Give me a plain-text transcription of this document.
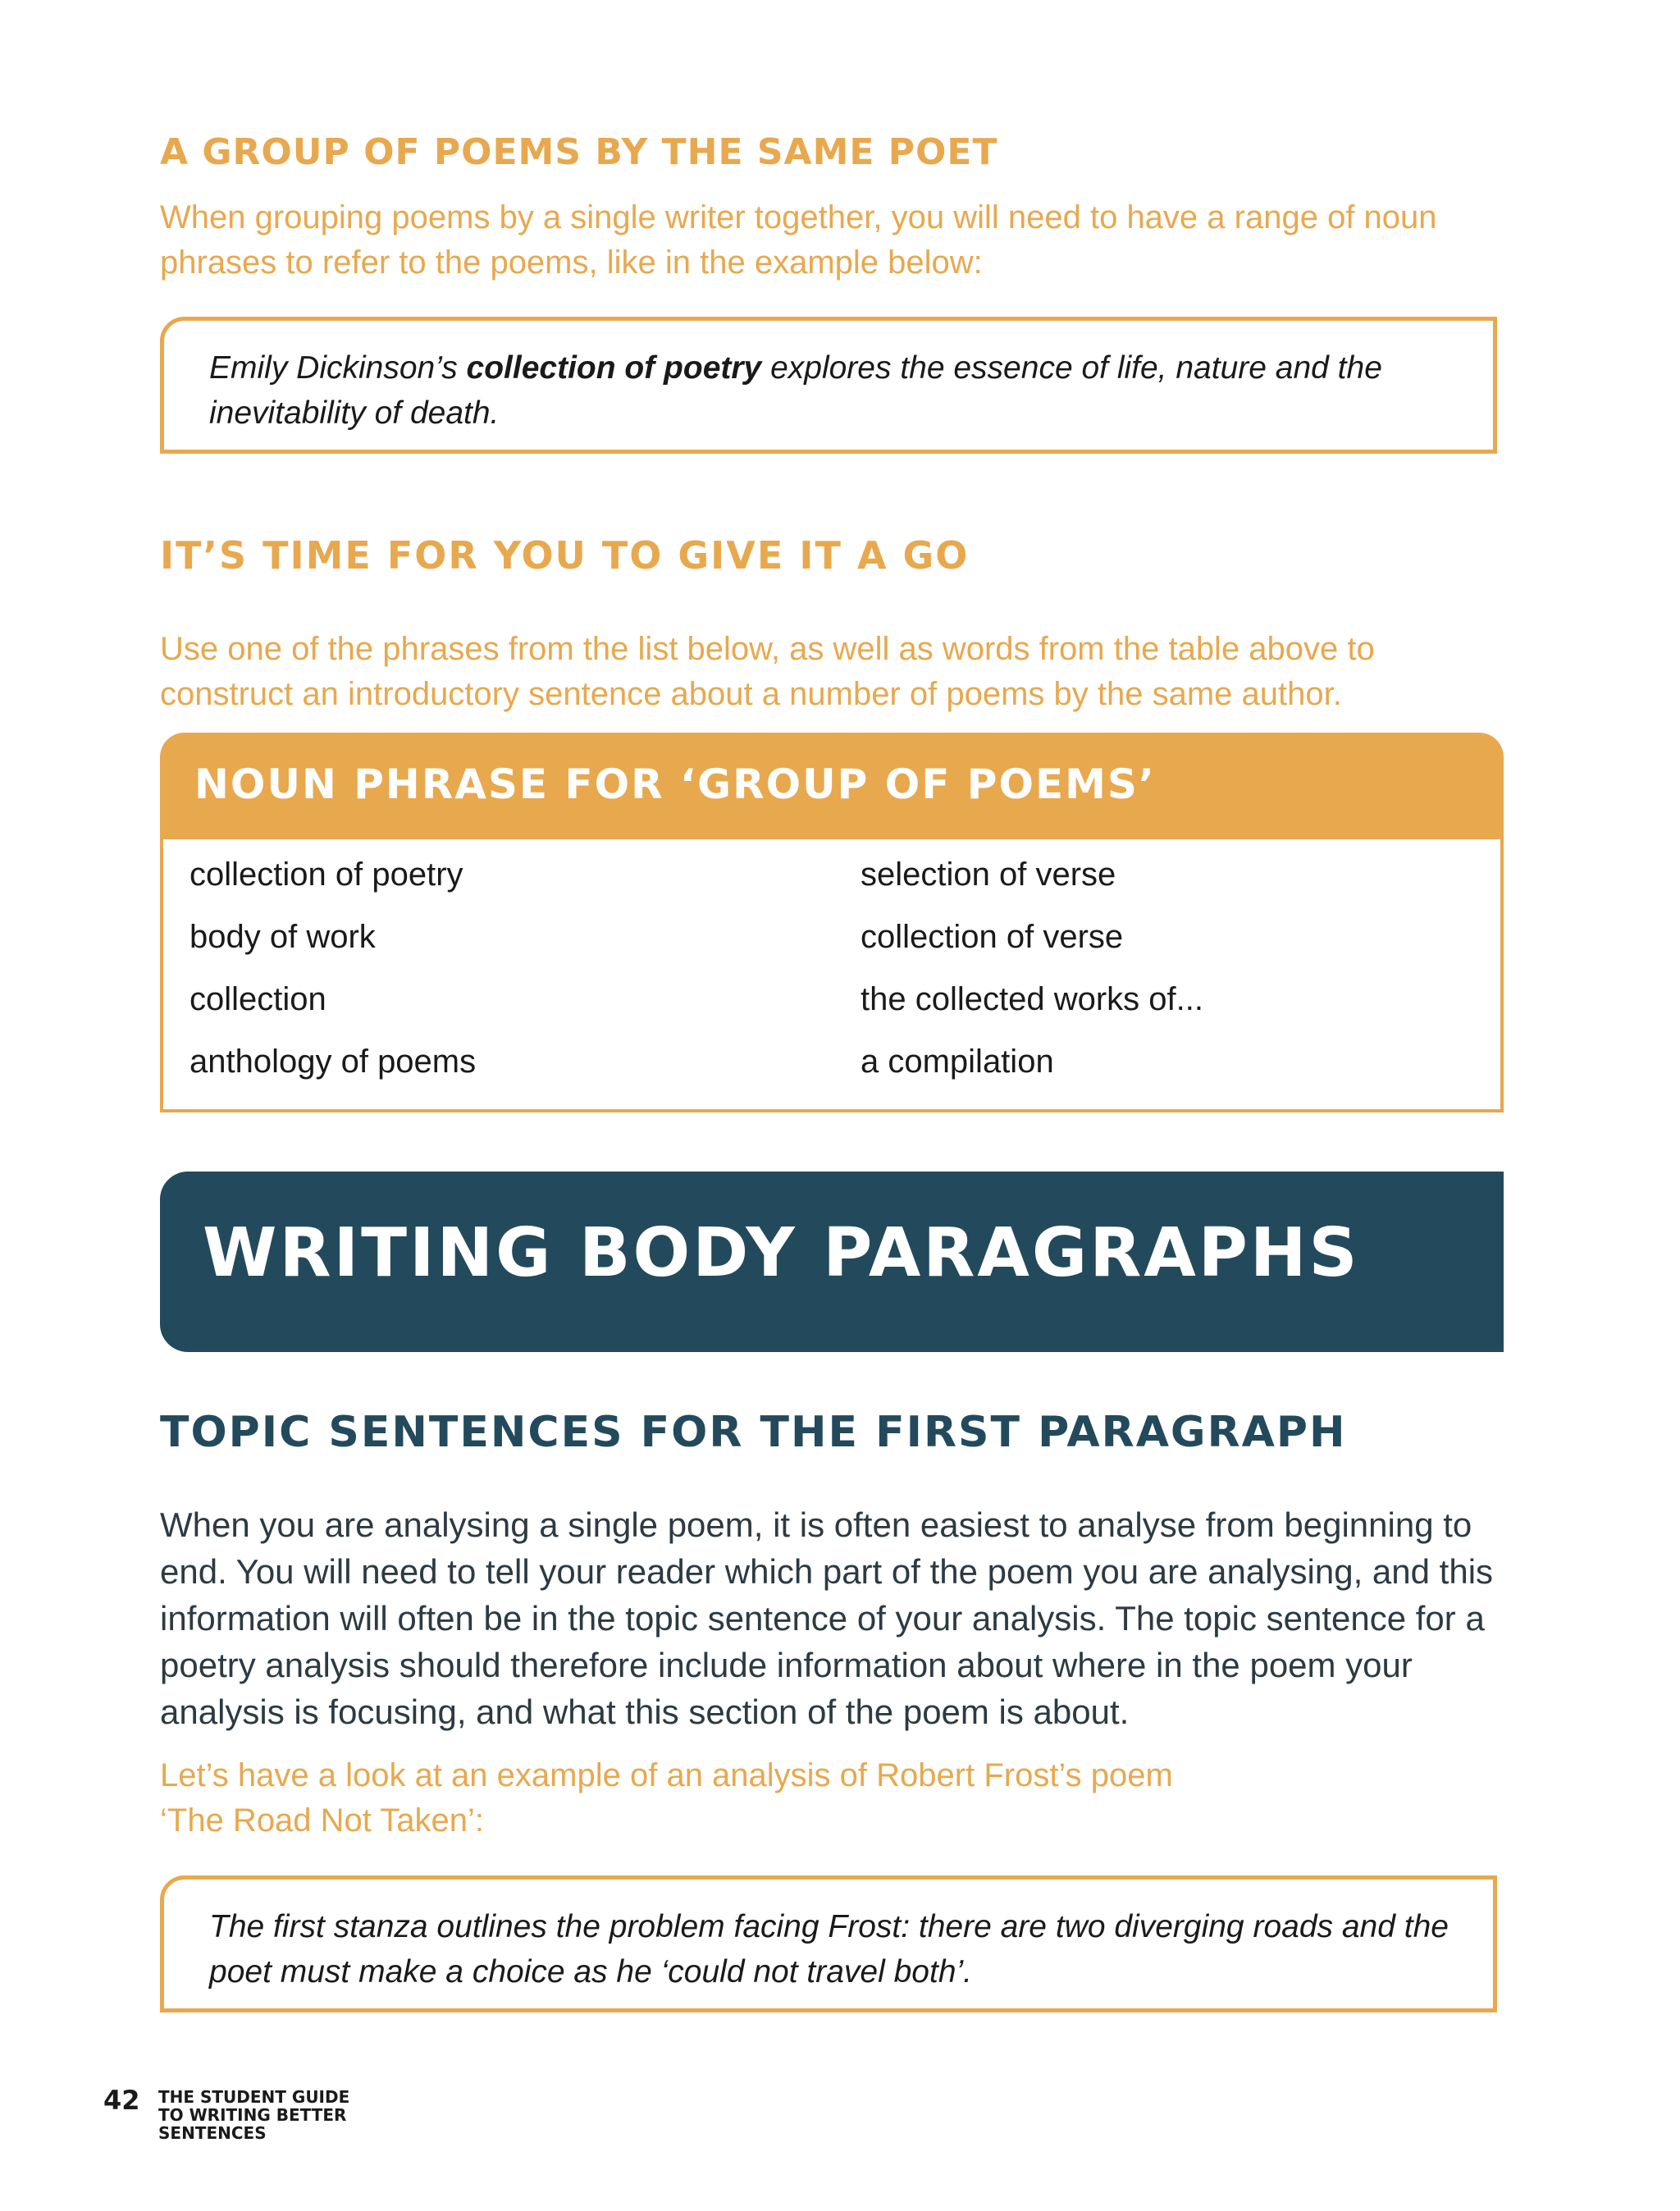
A GROUP OF POEMS BY THE SAME POET
When grouping poems by a single writer together, you will need to have a range of noun phrases to refer to the poems, like in the example below:
Emily Dickinson’s collection of poetry explores the essence of life, nature and the inevitability of death.
IT’S TIME FOR YOU TO GIVE IT A GO
Use one of the phrases from the list below, as well as words from the table above to construct an introductory sentence about a number of poems by the same author.
NOUN PHRASE FOR ‘GROUP OF POEMS’
collection of poetry
body of work
collection
anthology of poems
selection of verse
collection of verse
the collected works of...
a compilation
WRITING BODY PARAGRAPHS
TOPIC SENTENCES FOR THE FIRST PARAGRAPH
When you are analysing a single poem, it is often easiest to analyse from beginning to end. You will need to tell your reader which part of the poem you are analysing, and this information will often be in the topic sentence of your analysis. The topic sentence for a poetry analysis should therefore include information about where in the poem your analysis is focusing, and what this section of the poem is about.
Let’s have a look at an example of an analysis of Robert Frost’s poem
‘The Road Not Taken’:
The first stanza outlines the problem facing Frost: there are two diverging roads and the poet must make a choice as he ‘could not travel both’.
42 THE STUDENT GUIDE
TO WRITING BETTER
SENTENCES
